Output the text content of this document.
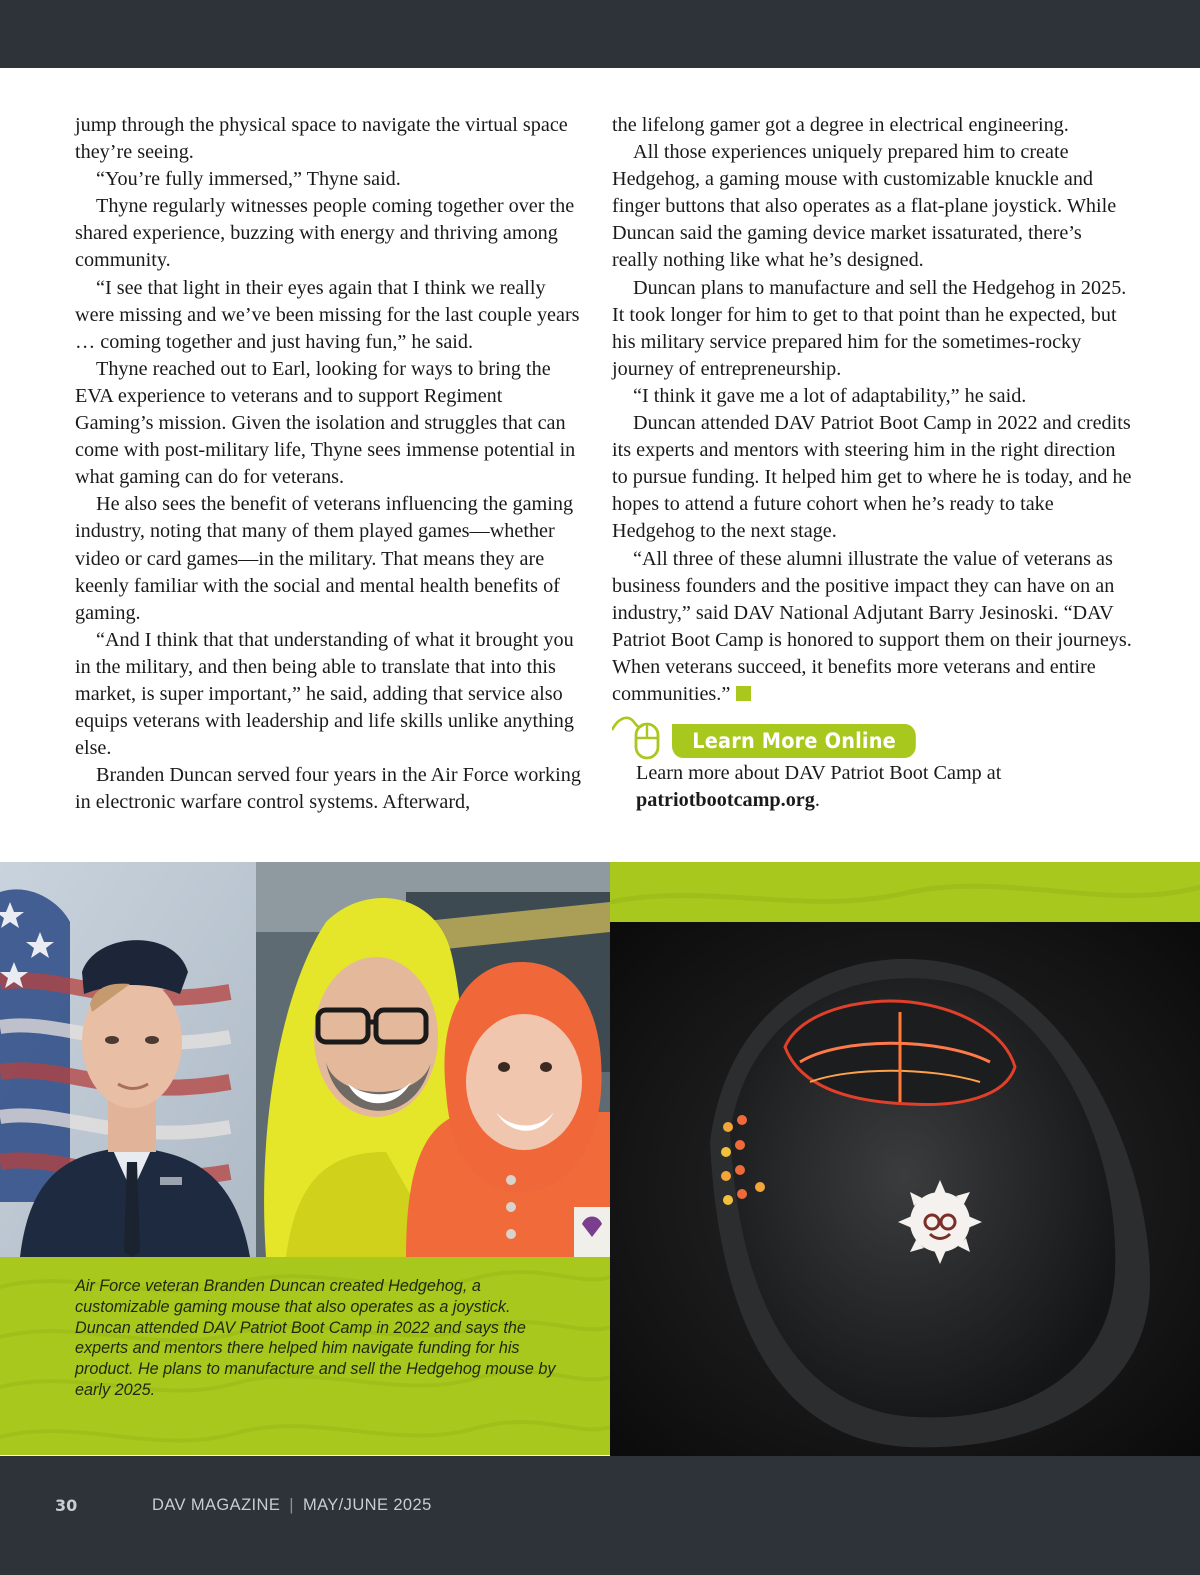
jump through the physical space to navigate the virtual space they’re seeing.

“You’re fully immersed,” Thyne said.

Thyne regularly witnesses people coming together over the shared experience, buzzing with energy and thriving among community.

“I see that light in their eyes again that I think we really were missing and we’ve been missing for the last couple years … coming together and just having fun,” he said.

Thyne reached out to Earl, looking for ways to bring the EVA experience to veterans and to support Regiment Gaming’s mission. Given the isolation and struggles that can come with post-military life, Thyne sees immense potential in what gaming can do for veterans.

He also sees the benefit of veterans influencing the gaming industry, noting that many of them played games—whether video or card games—in the military. That means they are keenly familiar with the social and mental health benefits of gaming.

“And I think that that understanding of what it brought you in the military, and then being able to translate that into this market, is super important,” he said, adding that service also equips veterans with leadership and life skills unlike anything else.

Branden Duncan served four years in the Air Force working in electronic warfare control systems. Afterward,

the lifelong gamer got a degree in electrical engineering.

All those experiences uniquely prepared him to create Hedgehog, a gaming mouse with customizable knuckle and finger buttons that also operates as a flat-plane joystick. While Duncan said the gaming device market issaturated, there’s really nothing like what he’s designed.

Duncan plans to manufacture and sell the Hedgehog in 2025. It took longer for him to get to that point than he expected, but his military service prepared him for the sometimes-rocky journey of entrepreneurship.

“I think it gave me a lot of adaptability,” he said.

Duncan attended DAV Patriot Boot Camp in 2022 and credits its experts and mentors with steering him in the right direction to pursue funding. It helped him get to where he is today, and he hopes to attend a future cohort when he’s ready to take Hedgehog to the next stage.

“All three of these alumni illustrate the value of veterans as business founders and the positive impact they can have on an industry,” said DAV National Adjutant Barry Jesinoski. “DAV Patriot Boot Camp is honored to support them on their journeys. When veterans succeed, it benefits more veterans and entire communities.”

Learn More Online
Learn more about DAV Patriot Boot Camp at
patriotbootcamp.org.
Air Force veteran Branden Duncan created Hedgehog, a customizable gaming mouse that also operates as a joystick. Duncan attended DAV Patriot Boot Camp in 2022 and says the experts and mentors there helped him navigate funding for his product. He plans to manufacture and sell the Hedgehog mouse by early 2025.
30	DAV MAGAZINE | MAY/JUNE 2025
